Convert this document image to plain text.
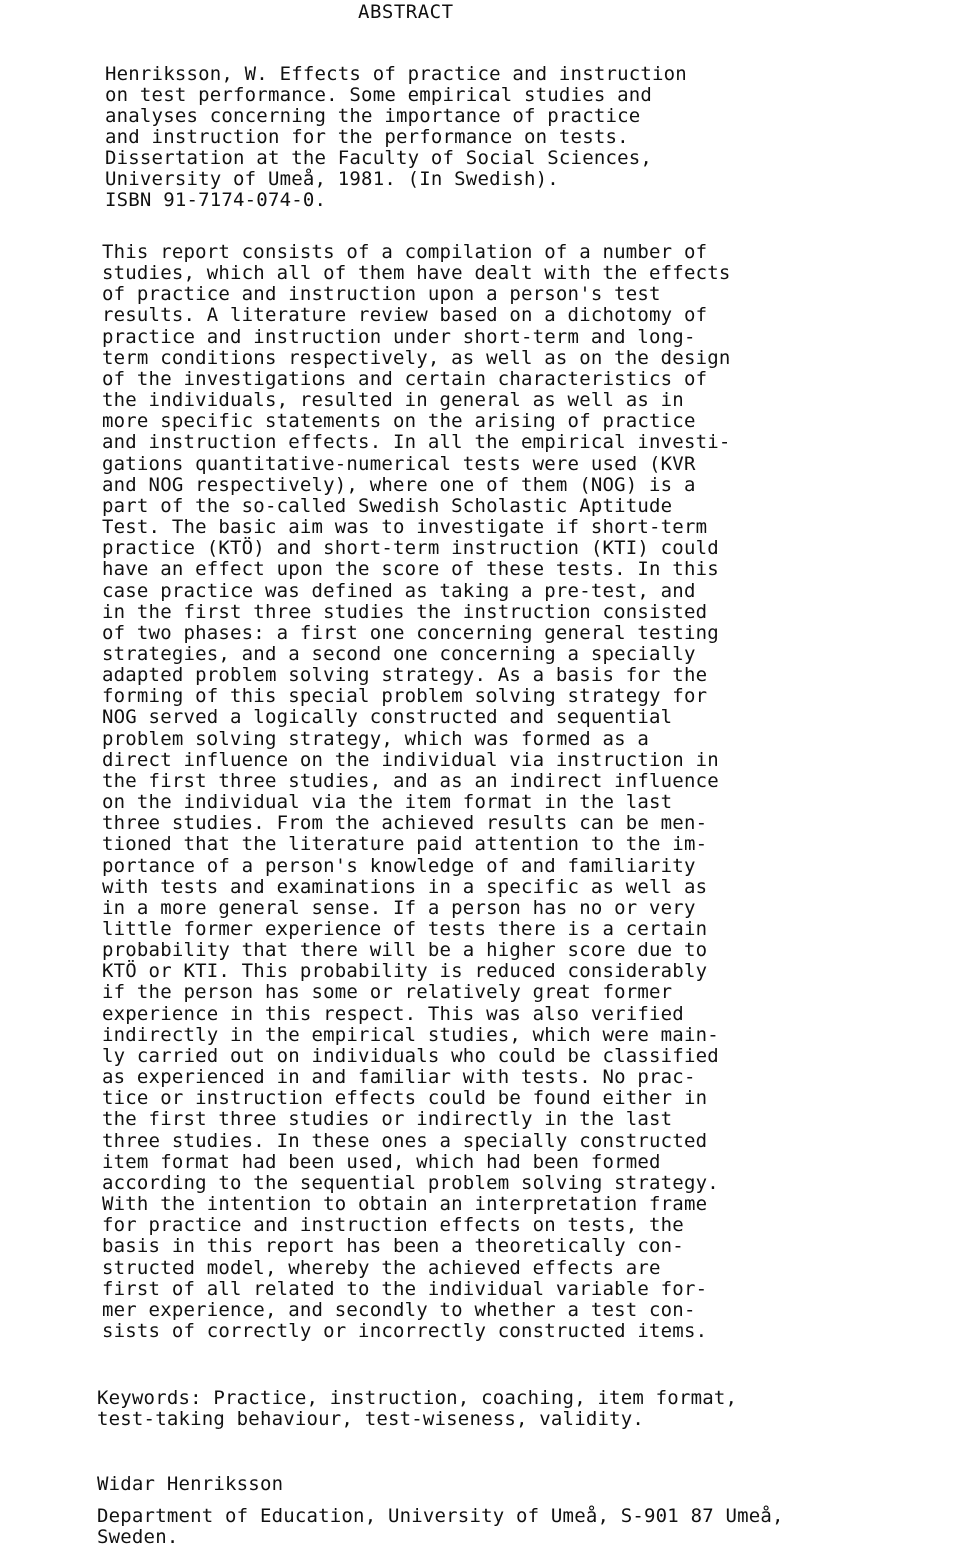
ABSTRACT

Henriksson, W. Effects of practice and instruction
on test performance. Some empirical studies and
analyses concerning the importance of practice
and instruction for the performance on tests.
Dissertation at the Faculty of Social Sciences,
University of Umeå, 1981. (In Swedish).
ISBN 91-7174-074-0.

This report consists of a compilation of a number of
studies, which all of them have dealt with the effects
of practice and instruction upon a person's test
results. A literature review based on a dichotomy of
practice and instruction under short-term and long-
term conditions respectively, as well as on the design
of the investigations and certain characteristics of
the individuals, resulted in general as well as in
more specific statements on the arising of practice
and instruction effects. In all the empirical investi-
gations quantitative-numerical tests were used (KVR
and NOG respectively), where one of them (NOG) is a
part of the so-called Swedish Scholastic Aptitude
Test. The basic aim was to investigate if short-term
practice (KTÖ) and short-term instruction (KTI) could
have an effect upon the score of these tests. In this
case practice was defined as taking a pre-test, and
in the first three studies the instruction consisted
of two phases: a first one concerning general testing
strategies, and a second one concerning a specially
adapted problem solving strategy. As a basis for the
forming of this special problem solving strategy for
NOG served a logically constructed and sequential
problem solving strategy, which was formed as a
direct influence on the individual via instruction in
the first three studies, and as an indirect influence
on the individual via the item format in the last
three studies. From the achieved results can be men-
tioned that the literature paid attention to the im-
portance of a person's knowledge of and familiarity
with tests and examinations in a specific as well as
in a more general sense. If a person has no or very
little former experience of tests there is a certain
probability that there will be a higher score due to
KTÖ or KTI. This probability is reduced considerably
if the person has some or relatively great former
experience in this respect. This was also verified
indirectly in the empirical studies, which were main-
ly carried out on individuals who could be classified
as experienced in and familiar with tests. No prac-
tice or instruction effects could be found either in
the first three studies or indirectly in the last
three studies. In these ones a specially constructed
item format had been used, which had been formed
according to the sequential problem solving strategy.
With the intention to obtain an interpretation frame
for practice and instruction effects on tests, the
basis in this report has been a theoretically con-
structed model, whereby the achieved effects are
first of all related to the individual variable for-
mer experience, and secondly to whether a test con-
sists of correctly or incorrectly constructed items.

Keywords: Practice, instruction, coaching, item format,
test-taking behaviour, test-wiseness, validity.

Widar Henriksson

Department of Education, University of Umeå, S-901 87 Umeå,
Sweden.
